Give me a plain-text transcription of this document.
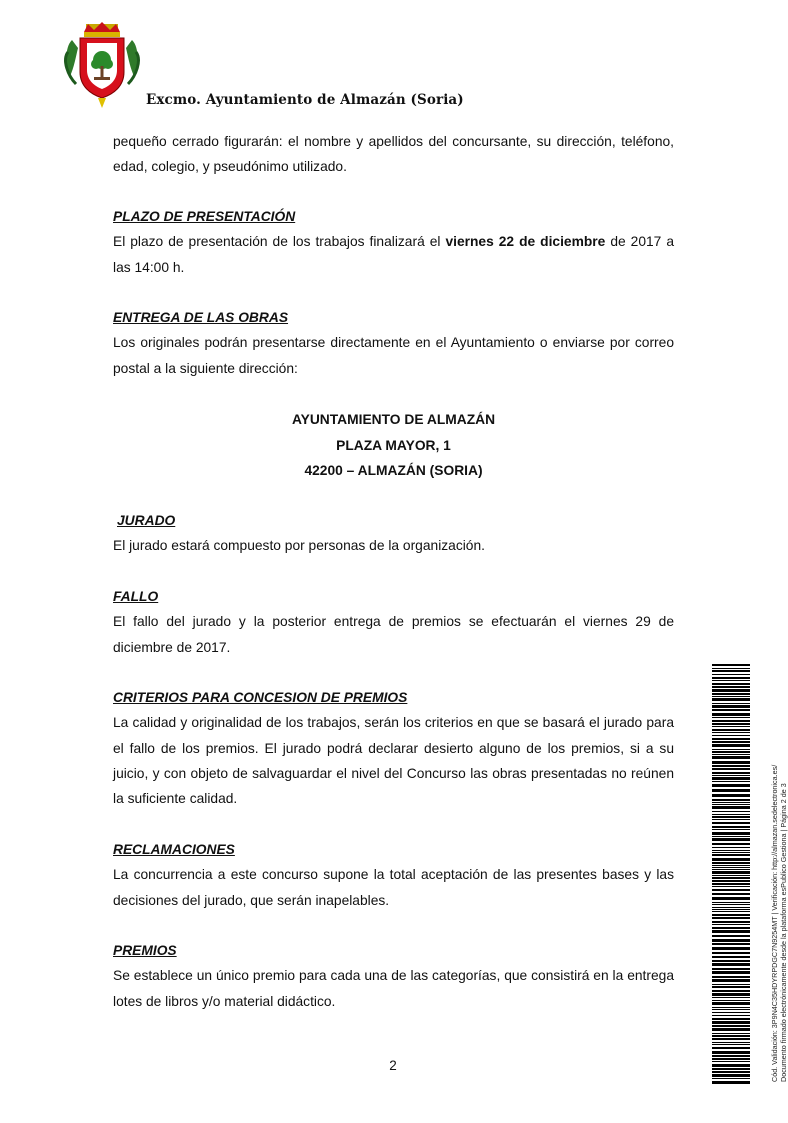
Excmo. Ayuntamiento de Almazán (Soria)
pequeño cerrado figurarán: el nombre y apellidos del concursante, su dirección, teléfono, edad, colegio, y pseudónimo utilizado.
PLAZO DE PRESENTACIÓN
El plazo de presentación de los trabajos finalizará el viernes 22 de diciembre de 2017 a las 14:00 h.
ENTREGA DE LAS OBRAS
Los originales podrán presentarse directamente en el Ayuntamiento o enviarse por correo postal a la siguiente dirección:
AYUNTAMIENTO DE ALMAZÁN
PLAZA MAYOR, 1
42200 – ALMAZÁN (SORIA)
JURADO
El jurado estará compuesto por personas de la organización.
FALLO
El fallo del jurado y la posterior entrega de premios se efectuarán el viernes 29 de diciembre de 2017.
CRITERIOS PARA CONCESION DE PREMIOS
La calidad y originalidad de los trabajos, serán los criterios en que se basará el jurado para el fallo de los premios. El jurado podrá declarar desierto alguno de los premios, si a su juicio, y con objeto de salvaguardar el nivel del Concurso las obras presentadas no reúnen la suficiente calidad.
RECLAMACIONES
La concurrencia a este concurso supone la total aceptación de las presentes bases y las decisiones del jurado, que serán inapelables.
PREMIOS
Se establece un único premio para cada una de las categorías, que consistirá en la entrega lotes de libros y/o material didáctico.
2	Cód. Validación: 3P9N4C35HDYRPDGC7N9254MT | Verificación: http://almazan.sedelectronica.es/ Documento firmado electrónicamente desde la plataforma esPublico Gestiona | Página 2 de 3
